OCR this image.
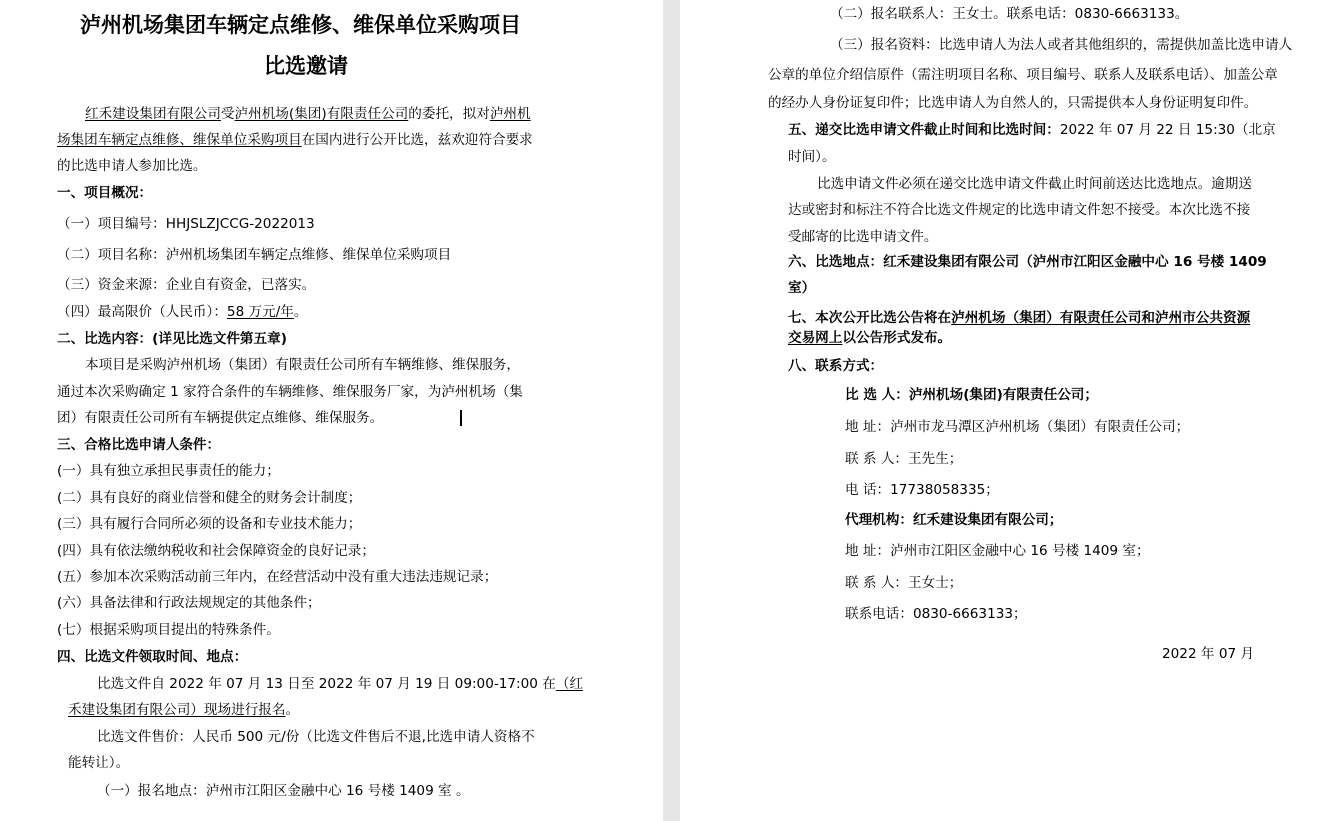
泸州机场集团车辆定点维修、维保单位采购项目
比选邀请
红禾建设集团有限公司受泸州机场(集团)有限责任公司的委托，拟对泸州机
场集团车辆定点维修、维保单位采购项目在国内进行公开比选，兹欢迎符合要求
的比选申请人参加比选。
一、项目概况：
（一）项目编号：HHJSLZJCCG-2022013
（二）项目名称：泸州机场集团车辆定点维修、维保单位采购项目
（三）资金来源：企业自有资金，已落实。
（四）最高限价（人民币）：58 万元/年。
二、比选内容：(详见比选文件第五章)
本项目是采购泸州机场（集团）有限责任公司所有车辆维修、维保服务，
通过本次采购确定 1 家符合条件的车辆维修、维保服务厂家，为泸州机场（集
团）有限责任公司所有车辆提供定点维修、维保服务。
三、合格比选申请人条件：
(一）具有独立承担民事责任的能力；
(二）具有良好的商业信誉和健全的财务会计制度；
(三）具有履行合同所必须的设备和专业技术能力；
(四）具有依法缴纳税收和社会保障资金的良好记录；
(五）参加本次采购活动前三年内，在经营活动中没有重大违法违规记录；
(六）具备法律和行政法规规定的其他条件；
(七）根据采购项目提出的特殊条件。
四、比选文件领取时间、地点：
比选文件自 2022 年 07 月 13 日至 2022 年 07 月 19 日 09:00-17:00 在（红
禾建设集团有限公司）现场进行报名。
比选文件售价：人民币 500 元/份（比选文件售后不退,比选申请人资格不
能转让）。
（一）报名地点：泸州市江阳区金融中心 16 号楼 1409 室 。
（二）报名联系人：王女士。联系电话：0830-6663133。
（三）报名资料：比选申请人为法人或者其他组织的，需提供加盖比选申请人
公章的单位介绍信原件（需注明项目名称、项目编号、联系人及联系电话）、加盖公章
的经办人身份证复印件；比选申请人为自然人的，只需提供本人身份证明复印件。
五、递交比选申请文件截止时间和比选时间：2022 年 07 月 22 日 15:30（北京
时间）。
比选申请文件必须在递交比选申请文件截止时间前送达比选地点。逾期送
达或密封和标注不符合比选文件规定的比选申请文件恕不接受。本次比选不接
受邮寄的比选申请文件。
六、比选地点：红禾建设集团有限公司（泸州市江阳区金融中心 16 号楼 1409
室）
七、本次公开比选公告将在泸州机场（集团）有限责任公司和泸州市公共资源
交易网上以公告形式发布。
八、联系方式：
比 选 人：泸州机场(集团)有限责任公司；
地 址：泸州市龙马潭区泸州机场（集团）有限责任公司；
联 系 人：王先生；
电 话：17738058335；
代理机构：红禾建设集团有限公司；
地 址：泸州市江阳区金融中心 16 号楼 1409 室；
联 系 人：王女士；
联系电话：0830-6663133；
2022 年 07 月
